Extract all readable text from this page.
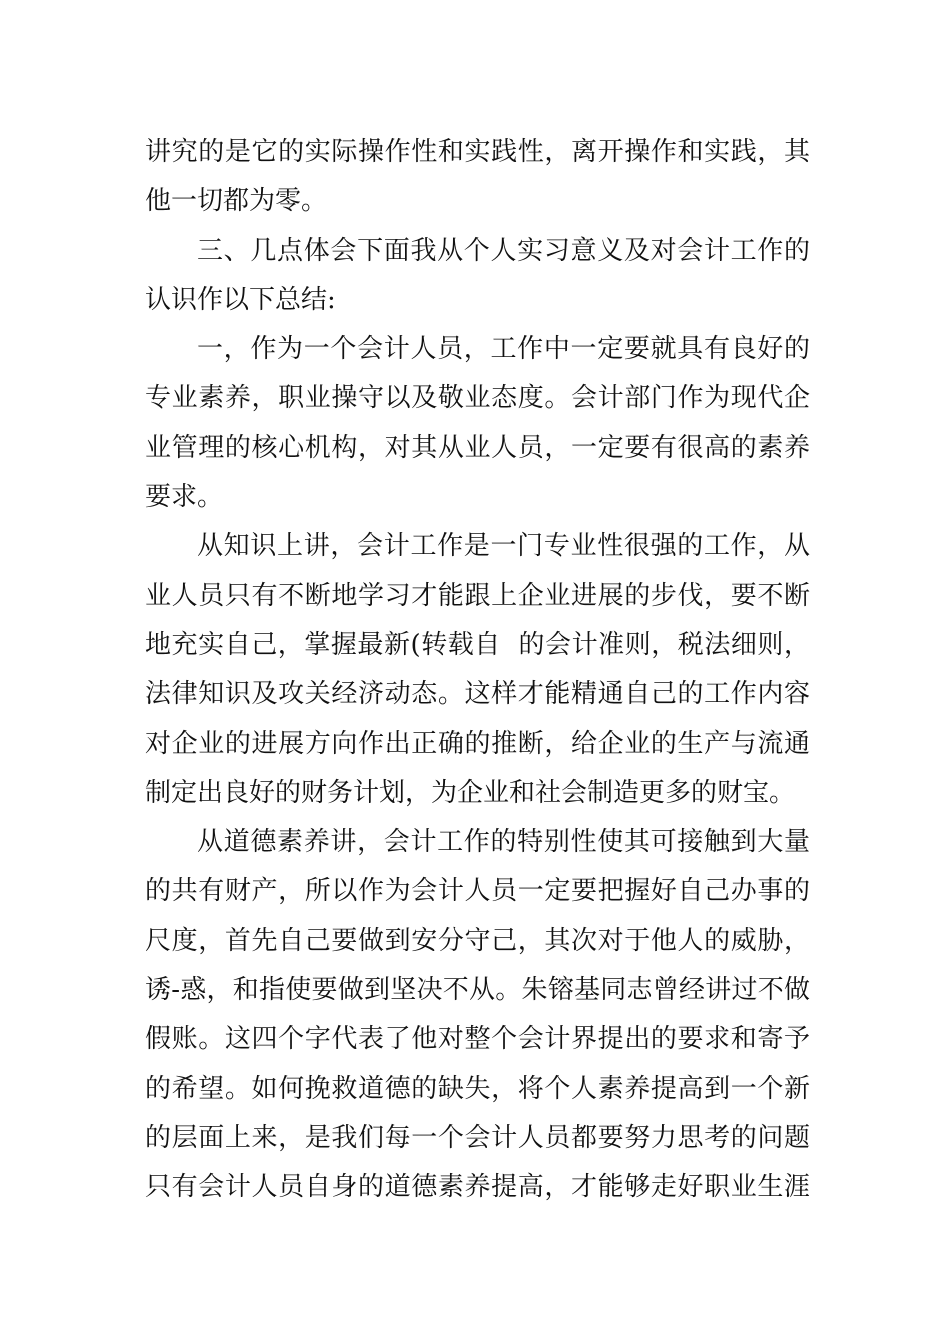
讲究的是它的实际操作性和实践性，离开操作和实践，其
他一切都为零。
三、几点体会下面我从个人实习意义及对会计工作的
认识作以下总结:
一，作为一个会计人员，工作中一定要就具有良好的
专业素养，职业操守以及敬业态度。会计部门作为现代企
业管理的核心机构，对其从业人员，一定要有很高的素养
要求。
从知识上讲，会计工作是一门专业性很强的工作，从
业人员只有不断地学习才能跟上企业进展的步伐，要不断
地充实自己，掌握最新(转载自  的会计准则，税法细则，
法律知识及攻关经济动态。这样才能精通自己的工作内容
对企业的进展方向作出正确的推断，给企业的生产与流通
制定出良好的财务计划，为企业和社会制造更多的财宝。
从道德素养讲，会计工作的特别性使其可接触到大量
的共有财产，所以作为会计人员一定要把握好自己办事的
尺度，首先自己要做到安分守己，其次对于他人的威胁，
诱-惑，和指使要做到坚决不从。朱镕基同志曾经讲过不做
假账。这四个字代表了他对整个会计界提出的要求和寄予
的希望。如何挽救道德的缺失，将个人素养提高到一个新
的层面上来，是我们每一个会计人员都要努力思考的问题
只有会计人员自身的道德素养提高，才能够走好职业生涯
